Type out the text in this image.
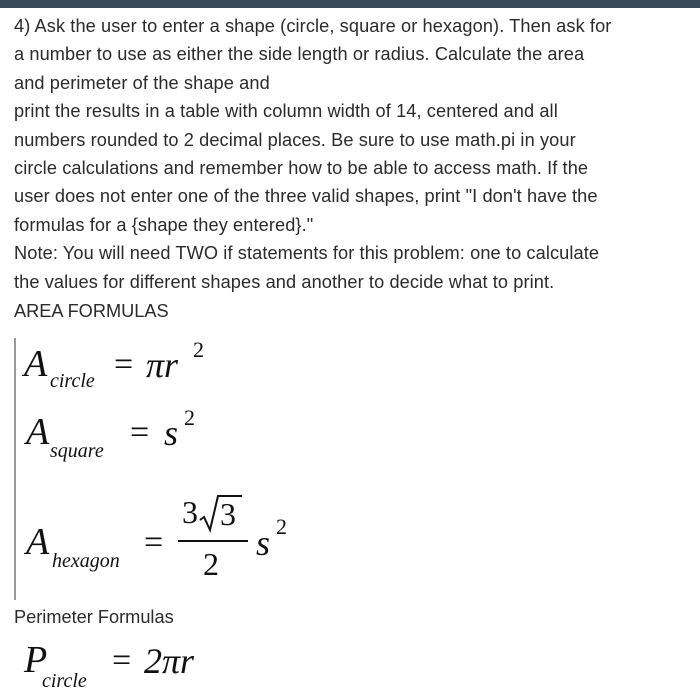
4) Ask the user to enter a shape (circle, square or hexagon). Then ask for

a number to use as either the side length or radius. Calculate the area

and perimeter of the shape and

print the results in a table with column width of 14, centered and all

numbers rounded to 2 decimal places. Be sure to use math.pi in your

circle calculations and remember how to be able to access math. If the

user does not enter one of the three valid shapes, print "I don't have the

formulas for a {shape they entered}."

Note: You will need TWO if statements for this problem: one to calculate

the values for different shapes and another to decide what to print.

AREA FORMULAS
A circle = πr 2
A square = s 2
A hexagon =
3 3
2
s 2
Perimeter Formulas
P
circle
= 2πr
